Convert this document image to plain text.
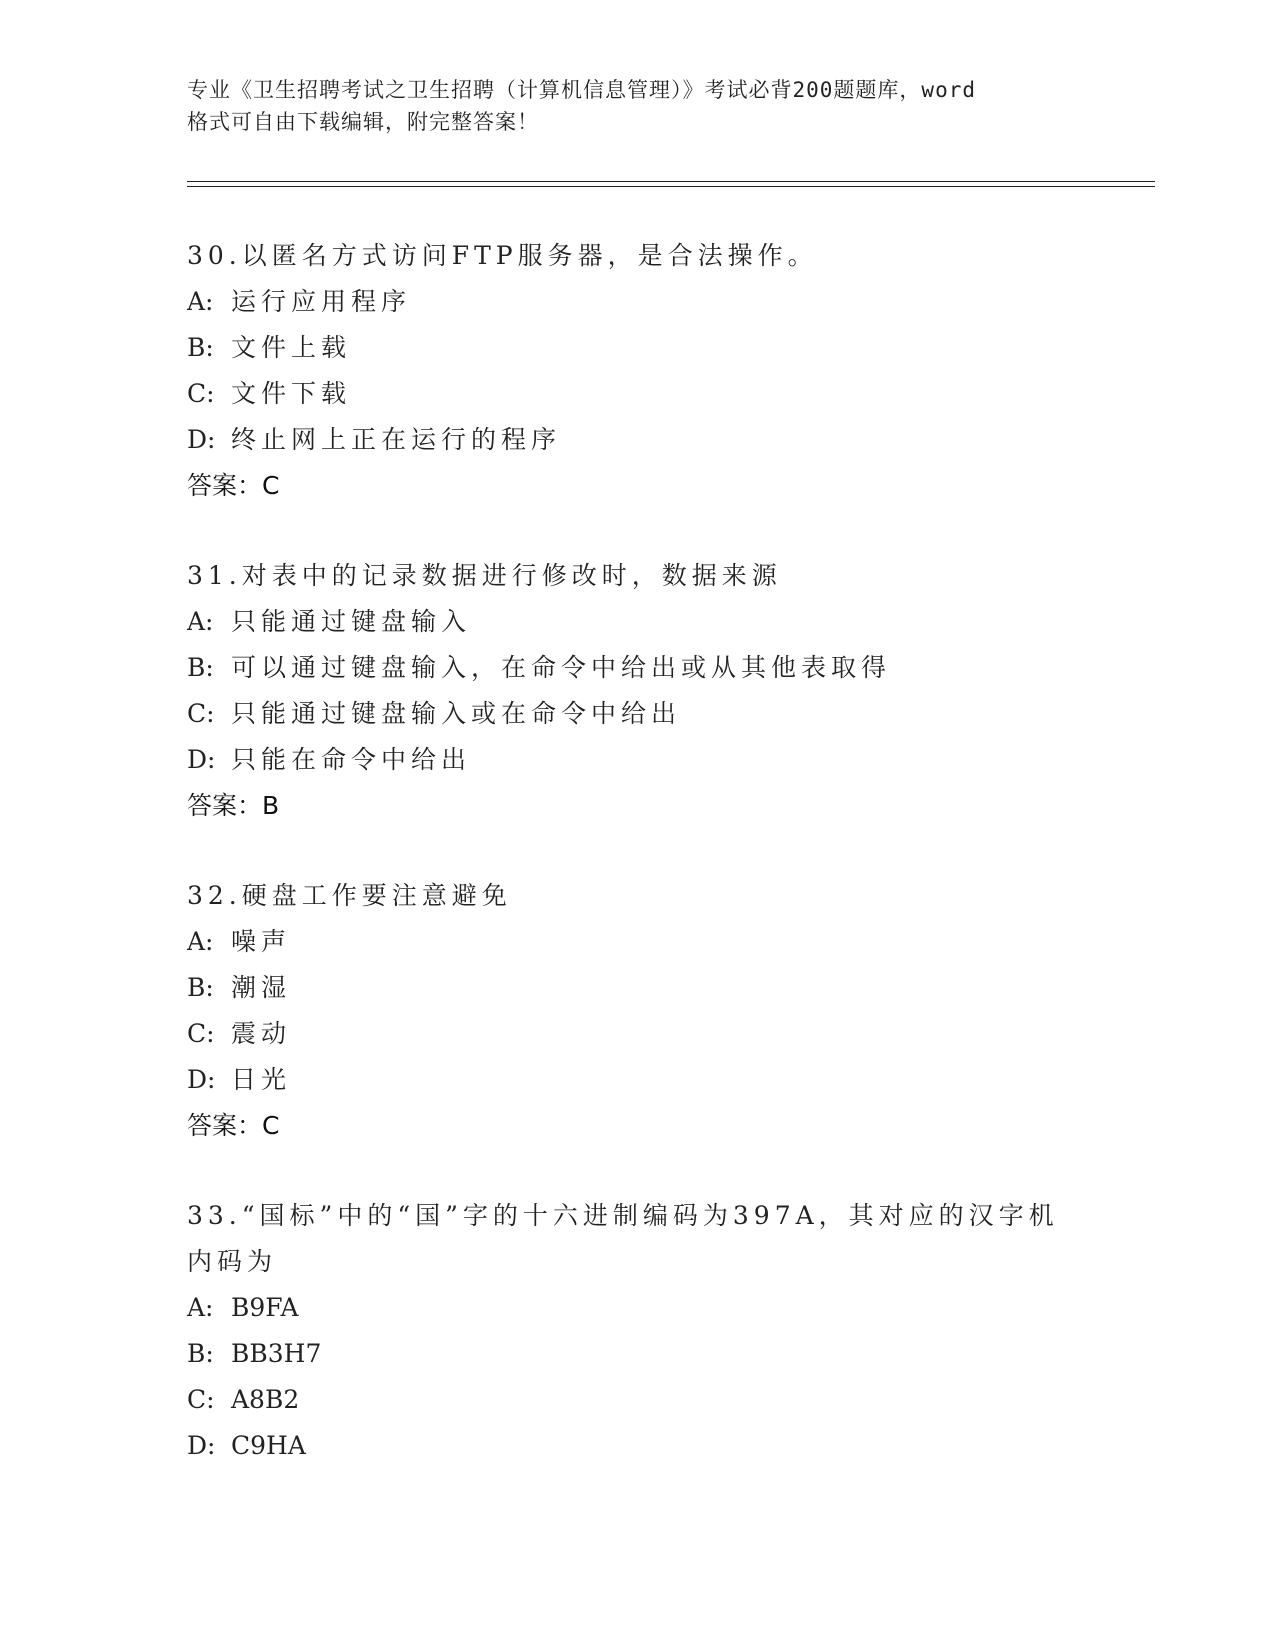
专业《卫生招聘考试之卫生招聘（计算机信息管理）》考试必背200题题库，word
格式可自由下载编辑，附完整答案！

30.以匿名方式访问FTP服务器，是合法操作。

A: 运行应用程序

B: 文件上载

C: 文件下载

D: 终止网上正在运行的程序

答案：C

31.对表中的记录数据进行修改时，数据来源

A: 只能通过键盘输入

B: 可以通过键盘输入，在命令中给出或从其他表取得

C: 只能通过键盘输入或在命令中给出

D: 只能在命令中给出

答案：B

32.硬盘工作要注意避免

A: 噪声

B: 潮湿

C: 震动

D: 日光

答案：C

33.“国标”中的“国”字的十六进制编码为397A，其对应的汉字机内码为

A: B9FA

B: BB3H7

C: A8B2

D: C9HA
